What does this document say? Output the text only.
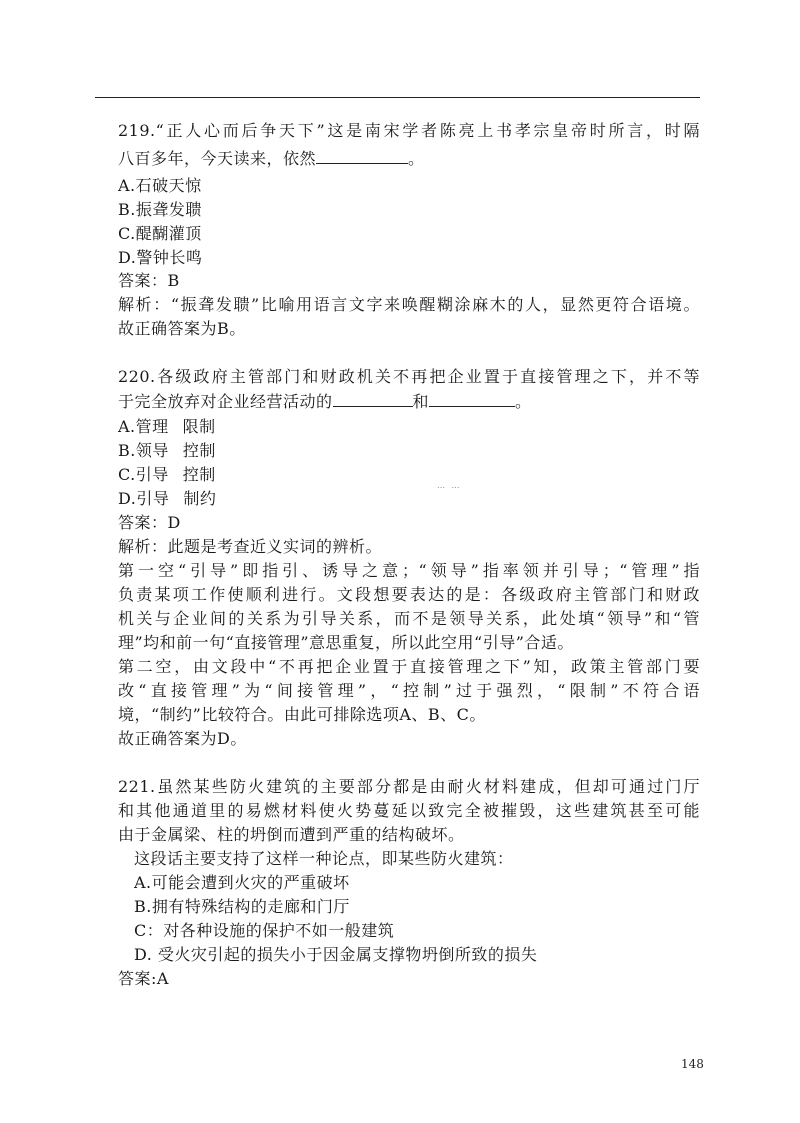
219.“正人心而后争天下”这是南宋学者陈亮上书孝宗皇帝时所言，时隔
八百多年，今天读来，依然	。
A.石破天惊
B.振聋发聩
C.醍醐灌顶
D.警钟长鸣
答案：B
解析：“振聋发聩”比喻用语言文字来唤醒糊涂麻木的人，显然更符合语境。
故正确答案为B。
220.各级政府主管部门和财政机关不再把企业置于直接管理之下，并不等
于完全放弃对企业经营活动的	和	。
A.管理 限制
B.领导 控制
C.引导 控制
D.引导 制约
答案：D
解析：此题是考查近义实词的辨析。
第一空“引导”即指引、诱导之意；“领导”指率领并引导；“管理”指
负责某项工作使顺利进行。文段想要表达的是：各级政府主管部门和财政
机关与企业间的关系为引导关系，而不是领导关系，此处填“领导”和“管
理”均和前一句“直接管理”意思重复，所以此空用“引导”合适。
第二空，由文段中“不再把企业置于直接管理之下”知，政策主管部门要
改“直接管理”为“间接管理”，“控制”过于强烈，“限制”不符合语
境，“制约”比较符合。由此可排除选项A、B、C。
故正确答案为D。
221.虽然某些防火建筑的主要部分都是由耐火材料建成，但却可通过门厅
和其他通道里的易燃材料使火势蔓延以致完全被摧毁，这些建筑甚至可能
由于金属梁、柱的坍倒而遭到严重的结构破坏。
这段话主要支持了这样一种论点，即某些防火建筑：
A.可能会遭到火灾的严重破坏
B.拥有特殊结构的走廊和门厅
C：对各种设施的保护不如一般建筑
D. 受火灾引起的损失小于因金属支撑物坍倒所致的损失
答案:A
… …
148
